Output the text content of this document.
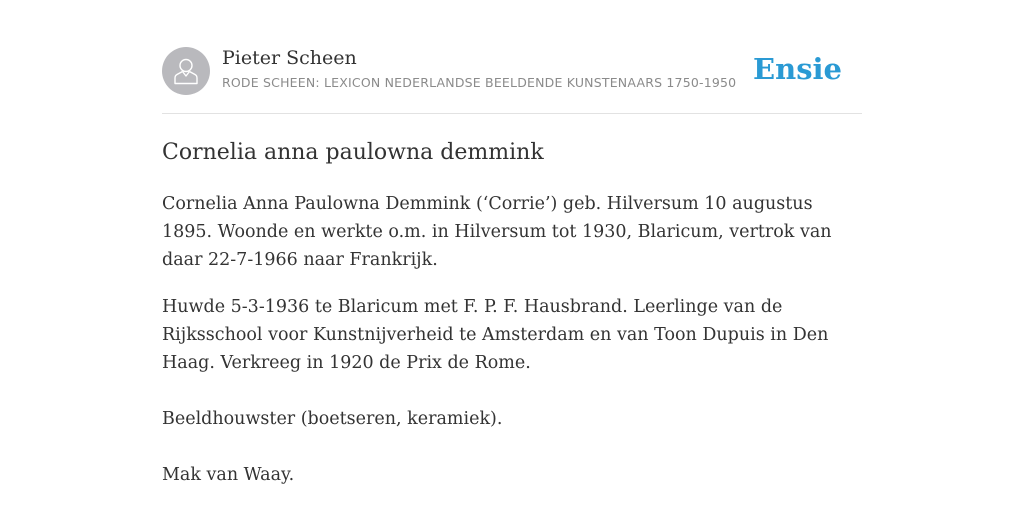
Pieter Scheen
RODE SCHEEN: LEXICON NEDERLANDSE BEELDENDE KUNSTENAARS 1750-1950 Ensie
Cornelia anna paulowna demmink

Cornelia Anna Paulowna Demmink (‘Corrie’) geb. Hilversum 10 augustus 1895. Woonde en werkte o.m. in Hilversum tot 1930, Blaricum, vertrok van daar 22-7-1966 naar Frankrijk.

Huwde 5-3-1936 te Blaricum met F. P. F. Hausbrand. Leerlinge van de Rijksschool voor Kunstnijverheid te Amsterdam en van Toon Dupuis in Den Haag. Verkreeg in 1920 de Prix de Rome.

Beeldhouwster (boetseren, keramiek).

Mak van Waay.
